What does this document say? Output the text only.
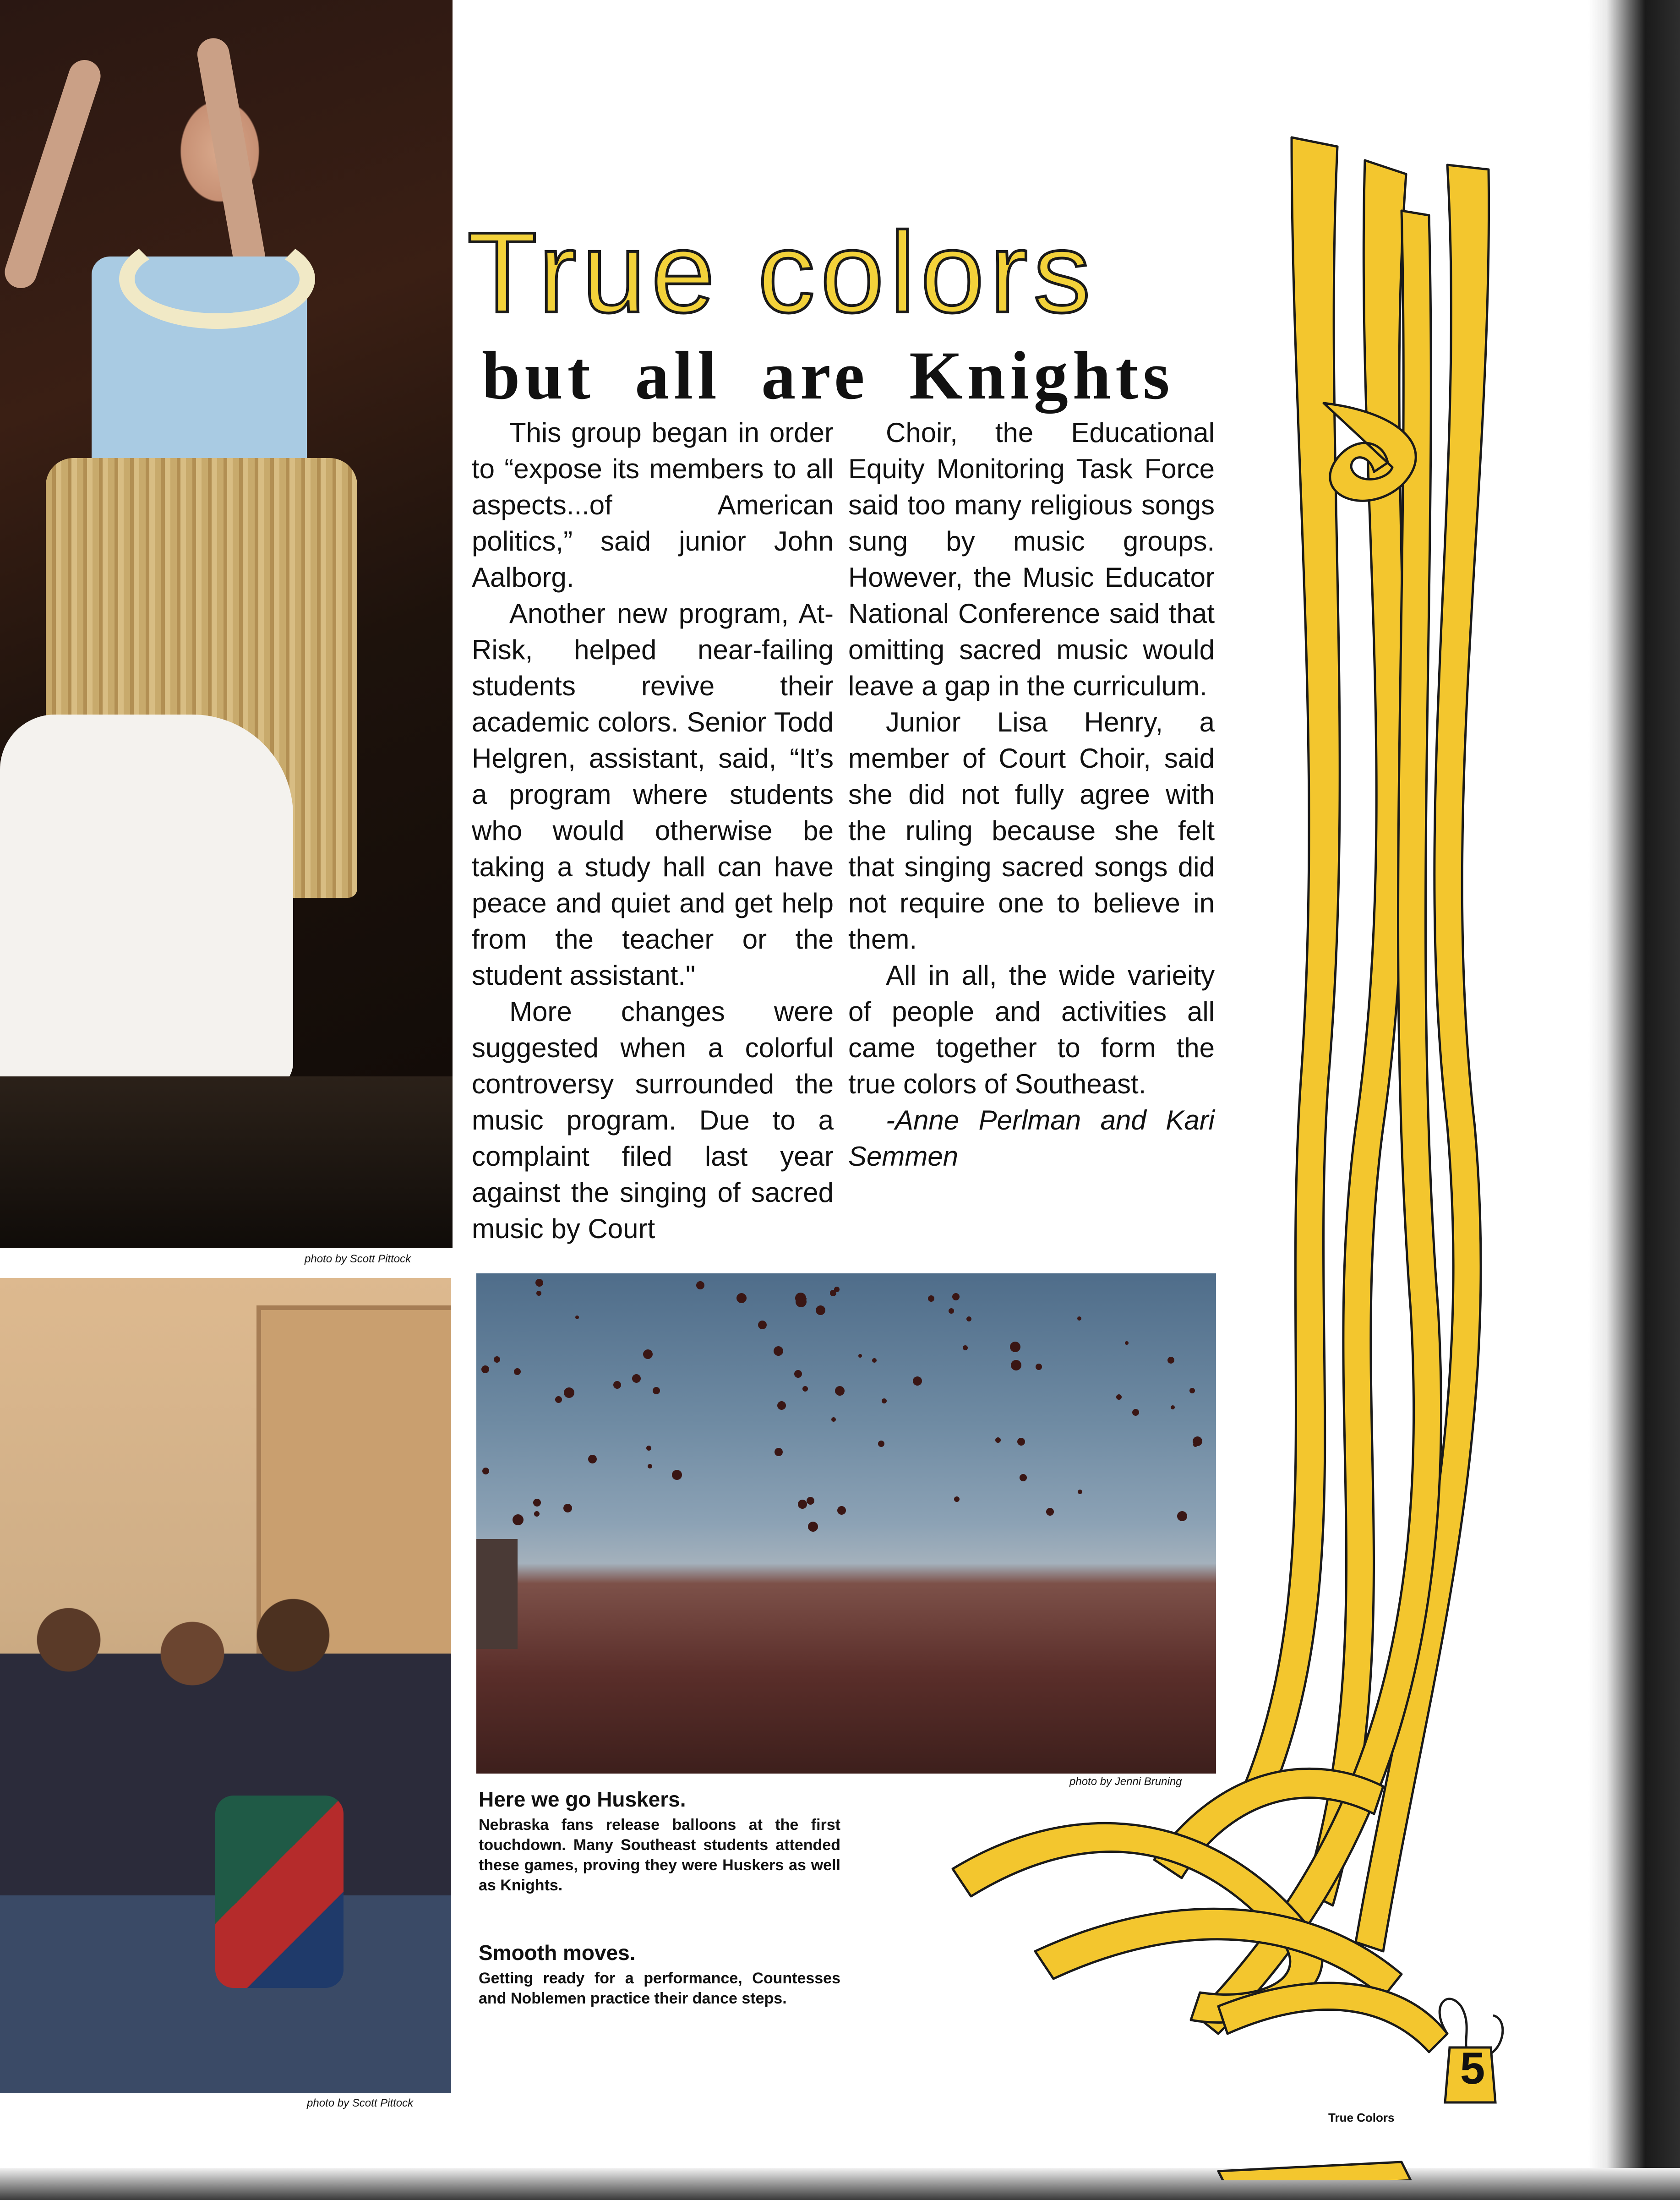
photo by Scott Pittock
photo by Scott Pittock
photo by Jenni Bruning
True colors
but all are Knights

This group began in order to “expose its members to all aspects...of American politics,” said junior John Aalborg.

Another new program, At-Risk, helped near-failing students revive their academic colors. Senior Todd Helgren, assistant, said, “It’s a program where students who would otherwise be taking a study hall can have peace and quiet and get help from the teacher or the student assistant."

More changes were suggested when a colorful controversy surrounded the music program. Due to a complaint filed last year against the singing of sacred music by Court

Choir, the Educational Equity Monitoring Task Force said too many religious songs sung by music groups. However, the Music Educator National Conference said that omitting sacred music would leave a gap in the curriculum.

Junior Lisa Henry, a member of Court Choir, said she did not fully agree with the ruling because she felt that singing sacred songs did not require one to believe in them.

All in all, the wide varieity of people and activities all came together to form the true colors of Southeast.

-Anne Perlman and Kari Semmen

Here we go Huskers.

Nebraska fans release balloons at the first touchdown. Many Southeast students attended these games, proving they were Huskers as well as Knights.

Smooth moves.

Getting ready for a performance, Countesses and Noblemen practice their dance steps.

5
True Colors
